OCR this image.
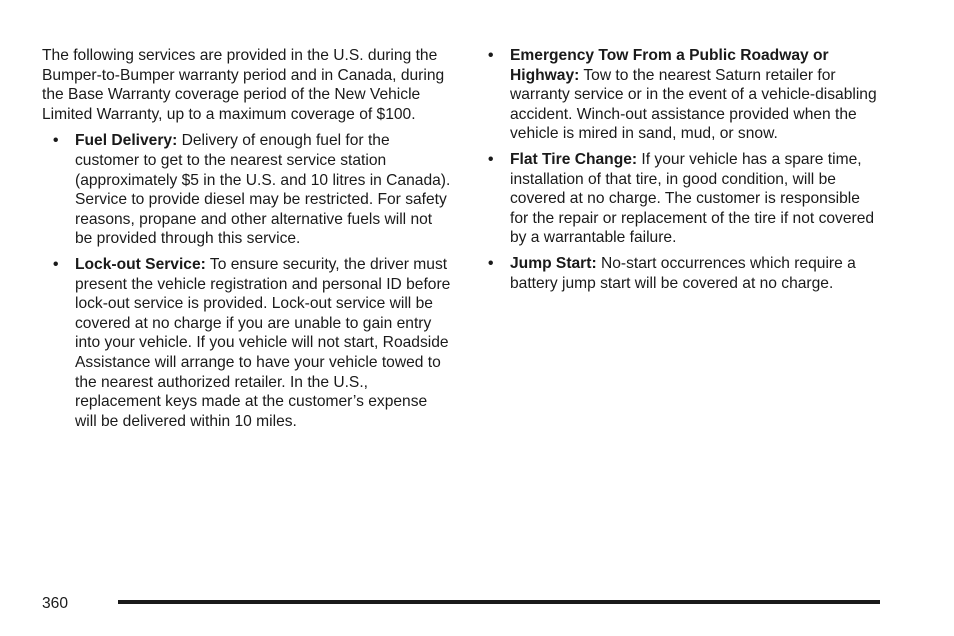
The following services are provided in the U.S. during the Bumper-to-Bumper warranty period and in Canada, during the Base Warranty coverage period of the New Vehicle Limited Warranty, up to a maximum coverage of $100.

• Fuel Delivery: Delivery of enough fuel for the customer to get to the nearest service station (approximately $5 in the U.S. and 10 litres in Canada). Service to provide diesel may be restricted. For safety reasons, propane and other alternative fuels will not be provided through this service.
• Lock-out Service: To ensure security, the driver must present the vehicle registration and personal ID before lock-out service is provided. Lock-out service will be covered at no charge if you are unable to gain entry into your vehicle. If you vehicle will not start, Roadside Assistance will arrange to have your vehicle towed to the nearest authorized retailer. In the U.S., replacement keys made at the customer’s expense will be delivered within 10 miles.
• Emergency Tow From a Public Roadway or Highway: Tow to the nearest Saturn retailer for warranty service or in the event of a vehicle-disabling accident. Winch-out assistance provided when the vehicle is mired in sand, mud, or snow.
• Flat Tire Change: If your vehicle has a spare time, installation of that tire, in good condition, will be covered at no charge. The customer is responsible for the repair or replacement of the tire if not covered by a warrantable failure.
• Jump Start: No-start occurrences which require a battery jump start will be covered at no charge.
360
